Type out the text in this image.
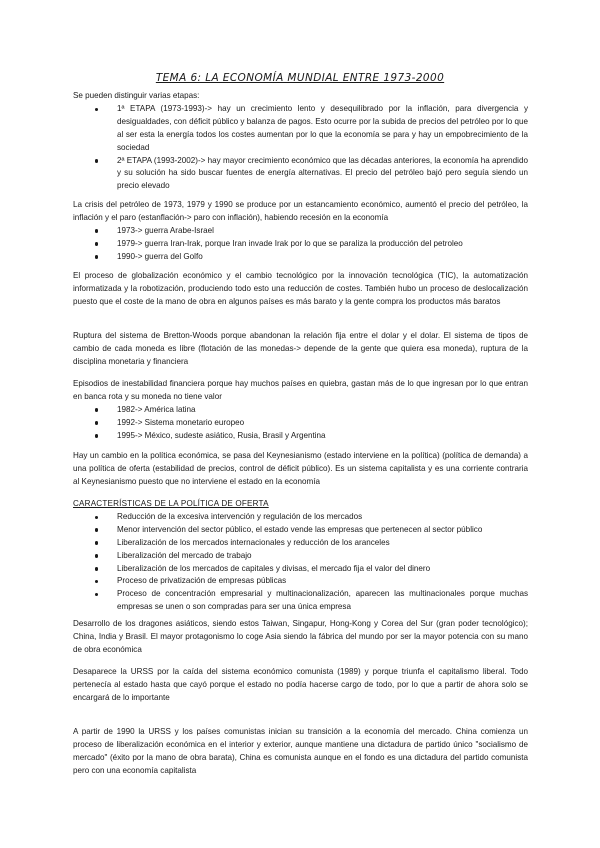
TEMA 6: LA ECONOMÍA MUNDIAL ENTRE 1973-2000

Se pueden distinguir varias etapas:

1ª ETAPA (1973-1993)-> hay un crecimiento lento y desequilibrado por la inflación, para divergencia y desigualdades, con déficit público y balanza de pagos. Esto ocurre por la subida de precios del petróleo por lo que al ser esta la energía todos los costes aumentan por lo que la economía se para y hay un empobrecimiento de la sociedad
2ª ETAPA (1993-2002)-> hay mayor crecimiento económico que las décadas anteriores, la economía ha aprendido y su solución ha sido buscar fuentes de energía alternativas. El precio del petróleo bajó pero seguía siendo un precio elevado

La crisis del petróleo de 1973, 1979 y 1990 se produce por un estancamiento económico, aumentó el precio del petróleo, la inflación y el paro (estanflación-> paro con inflación), habiendo recesión en la economía

1973-> guerra Arabe-Israel
1979-> guerra Iran-Irak, porque Iran invade Irak por lo que se paraliza la producción del petroleo
1990-> guerra del Golfo
El proceso de globalización económico y el cambio tecnológico por la innovación tecnológica (TIC), la automatización informatizada y la robotización, produciendo todo esto una reducción de costes. También hubo un proceso de deslocalización puesto que el coste de la mano de obra en algunos países es más barato y la gente compra los productos más baratos
Ruptura del sistema de Bretton-Woods porque abandonan la relación fija entre el dolar y el dolar. El sistema de tipos de cambio de cada moneda es libre (flotación de las monedas-> depende de la gente que quiera esa moneda), ruptura de la disciplina monetaria y financiera

Episodios de inestabilidad financiera porque hay muchos países en quiebra, gastan más de lo que ingresan por lo que entran en banca rota y su moneda no tiene valor

1982-> América latina
1992-> Sistema monetario europeo
1995-> México, sudeste asiático, Rusia, Brasil y Argentina
Hay un cambio en la política económica, se pasa del Keynesianismo (estado interviene en la política) (política de demanda) a una política de oferta (estabilidad de precios, control de déficit público). Es un sistema capitalista y es una corriente contraria al Keynesianismo puesto que no interviene el estado en la economía

CARACTERÍSTICAS DE LA POLÍTICA DE OFERTA

Reducción de la excesiva intervención y regulación de los mercados
Menor intervención del sector público, el estado vende las empresas que pertenecen al sector público
Liberalización de los mercados internacionales y reducción de los aranceles
Liberalización del mercado de trabajo
Liberalización de los mercados de capitales y divisas, el mercado fija el valor del dinero
Proceso de privatización de empresas públicas
Proceso de concentración empresarial y multinacionalización, aparecen las multinacionales porque muchas empresas se unen o son compradas para ser una única empresa
Desarrollo de los dragones asiáticos, siendo estos Taiwan, Singapur, Hong-Kong y Corea del Sur (gran poder tecnológico); China, India y Brasil. El mayor protagonismo lo coge Asia siendo la fábrica del mundo por ser la mayor potencia con su mano de obra económica
Desaparece la URSS por la caída del sistema económico comunista (1989) y porque triunfa el capitalismo liberal. Todo pertenecía al estado hasta que cayó porque el estado no podía hacerse cargo de todo, por lo que a partir de ahora solo se encargará de lo importante
A partir de 1990 la URSS y los países comunistas inician su transición a la economía del mercado. China comienza un proceso de liberalización económica en el interior y exterior, aunque mantiene una dictadura de partido único "socialismo de mercado" (éxito por la mano de obra barata), China es comunista aunque en el fondo es una dictadura del partido comunista pero con una economía capitalista
